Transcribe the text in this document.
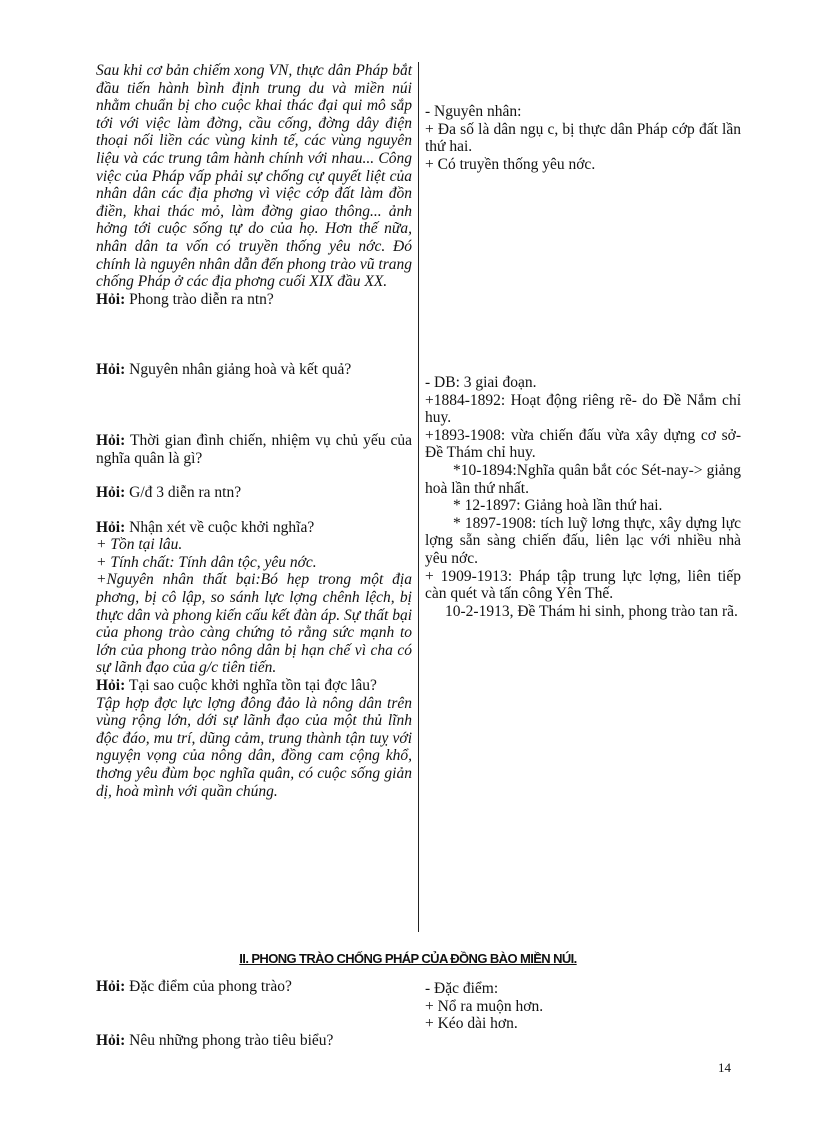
Sau khi cơ bản chiếm xong VN, thực dân Pháp bắt đầu tiến hành bình định trung du và miền núi nhằm chuẩn bị cho cuộc khai thác đại qui mô sắp tới với việc làm đờng, cầu cống, đờng dây điện thoại nối liền các vùng kinh tế, các vùng nguyên liệu và các trung tâm hành chính với nhau... Công việc của Pháp vấp phải sự chống cự quyết liệt của nhân dân các địa phơng vì việc cớp đất làm đồn điền, khai thác mỏ, làm đờng giao thông... ảnh hởng tới cuộc sống tự do của họ. Hơn thế nữa, nhân dân ta vốn có truyền thống yêu nớc. Đó chính là nguyên nhân dẫn đến phong trào vũ trang chống Pháp ở các địa phơng cuối XIX đầu XX.

Hỏi: Phong trào diễn ra ntn?
Hỏi: Nguyên nhân giảng hoà và kết quả?
Hỏi: Thời gian đình chiến, nhiệm vụ chủ yếu của nghĩa quân là gì?
Hỏi: G/đ 3 diễn ra ntn?
Hỏi: Nhận xét về cuộc khởi nghĩa?

+ Tồn tại lâu.

+ Tính chất: Tính dân tộc, yêu nớc.

+Nguyên nhân thất bại:Bó hẹp trong một địa phơng, bị cô lập, so sánh lực lợng chênh lệch, bị thực dân và phong kiến cấu kết đàn áp. Sự thất bại của phong trào càng chứng tỏ rằng sức mạnh to lớn của phong trào nông dân bị hạn chế vì cha có sự lãnh đạo của g/c tiên tiến.

Hỏi: Tại sao cuộc khởi nghĩa tồn tại đợc lâu?

Tập hợp đợc lực lợng đông đảo là nông dân trên vùng rộng lớn, dới sự lãnh đạo của một thủ lĩnh độc đáo, mu trí, dũng cảm, trung thành tận tuỵ với nguyện vọng của nông dân, đồng cam cộng khổ, thơng yêu đùm bọc nghĩa quân, có cuộc sống giản dị, hoà mình với quần chúng.

- Nguyên nhân:

+ Đa số là dân ngụ c, bị thực dân Pháp cớp đất lần thứ hai.

+ Có truyền thống yêu nớc.

- DB: 3 giai đoạn.

+1884-1892: Hoạt động riêng rẽ- do Đề Nắm chỉ huy.

+1893-1908: vừa chiến đấu vừa xây dựng cơ sở- Đề Thám chỉ huy.

*10-1894:Nghĩa quân bắt cóc Sét-nay-> giảng hoà lần thứ nhất.

* 12-1897: Giảng hoà lần thứ hai.

* 1897-1908: tích luỹ lơng thực, xây dựng lực lợng sẵn sàng chiến đấu, liên lạc với nhiều nhà yêu nớc.

+ 1909-1913: Pháp tập trung lực lợng, liên tiếp càn quét và tấn công Yên Thế.

10-2-1913, Đề Thám hi sinh, phong trào tan rã.

II. PHONG TRÀO CHỐNG PHÁP CỦA ĐỒNG BÀO MIỀN NÚI.
Hỏi: Đặc điểm của phong trào?
Hỏi: Nêu những phong trào tiêu biểu?

- Đặc điểm:

+ Nổ ra muộn hơn.

+ Kéo dài hơn.

14
